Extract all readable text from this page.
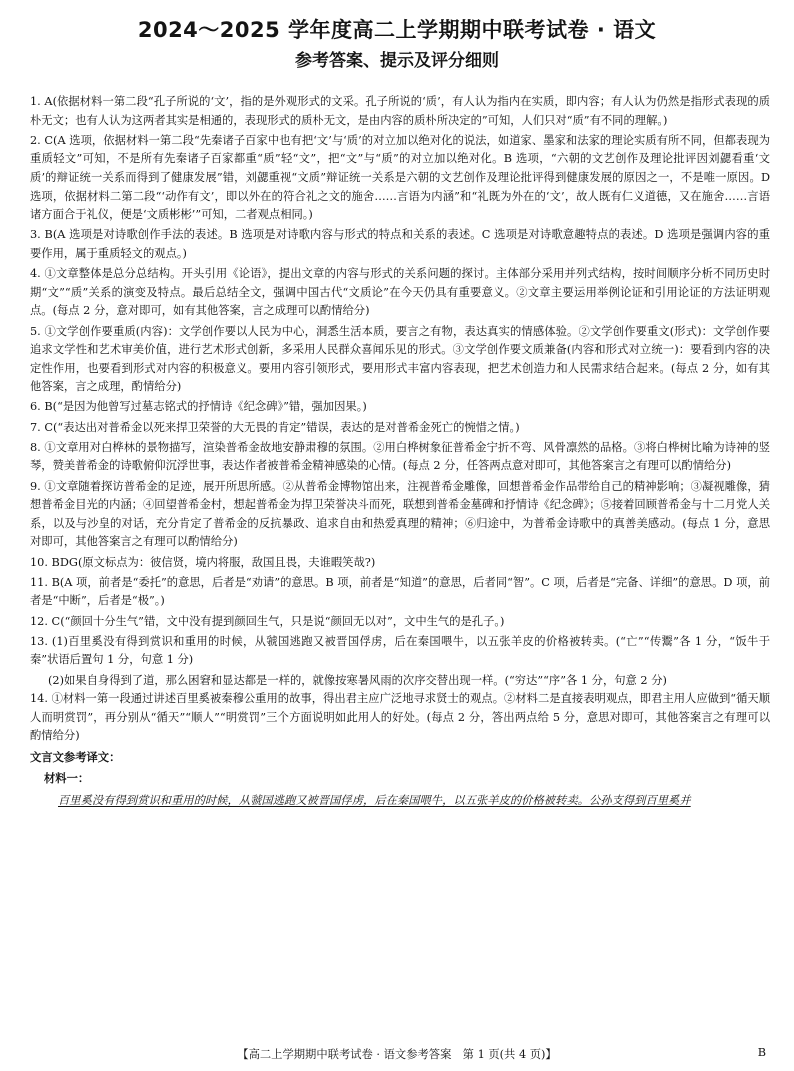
2024～2025 学年度高二上学期期中联考试卷 · 语文
参考答案、提示及评分细则
1. A(依据材料一第二段“孔子所说的‘文’，指的是外观形式的文采。孔子所说的‘质’，有人认为指内在实质，即内容；有人认为仍然是指形式表现的质朴无文；也有人认为这两者其实是相通的，表现形式的质朴无文，是由内容的质朴所决定的”可知，人们只对“质”有不同的理解。)
2. C(A 选项，依据材料一第二段“先秦诸子百家中也有把‘文’与‘质’的对立加以绝对化的说法，如道家、墨家和法家的理论实质有所不同，但都表现为重质轻文”可知，不是所有先秦诸子百家都重“质”轻“文”，把“文”与“质”的对立加以绝对化。B 选项，“六朝的文艺创作及理论批评因刘勰看重‘文质’的辩证统一关系而得到了健康发展”错，刘勰重视“文质”辩证统一关系是六朝的文艺创作及理论批评得到健康发展的原因之一，不是唯一原因。D 选项，依据材料二第二段“‘动作有文’，即以外在的符合礼之文的施舍……言语为内涵”和“礼既为外在的‘文’，故人既有仁义道德，又在施舍……言语诸方面合于礼仪，便是‘文质彬彬’”可知，二者观点相同。)
3. B(A 选项是对诗歌创作手法的表述。B 选项是对诗歌内容与形式的特点和关系的表述。C 选项是对诗歌意趣特点的表述。D 选项是强调内容的重要作用，属于重质轻文的观点。)
4. ①文章整体是总分总结构。开头引用《论语》，提出文章的内容与形式的关系问题的探讨。主体部分采用并列式结构，按时间顺序分析不同历史时期“文”“质”关系的演变及特点。最后总结全文，强调中国古代“文质论”在今天仍具有重要意义。②文章主要运用举例论证和引用论证的方法证明观点。(每点 2 分，意对即可，如有其他答案，言之成理可以酌情给分)
5. ①文学创作要重质(内容)：文学创作要以人民为中心，洞悉生活本质，要言之有物，表达真实的情感体验。②文学创作要重文(形式)：文学创作要追求文学性和艺术审美价值，进行艺术形式创新，多采用人民群众喜闻乐见的形式。③文学创作要文质兼备(内容和形式对立统一)：要看到内容的决定性作用，也要看到形式对内容的积极意义。要用内容引领形式，要用形式丰富内容表现，把艺术创造力和人民需求结合起来。(每点 2 分，如有其他答案，言之成理，酌情给分)
6. B(“是因为他曾写过墓志铭式的抒情诗《纪念碑》”错，强加因果。)
7. C(“表达出对普希金以死来捍卫荣誉的大无畏的肯定”错误，表达的是对普希金死亡的惋惜之情。)
8. ①文章用对白桦林的景物描写，渲染普希金故地安静肃穆的氛围。②用白桦树象征普希金宁折不弯、风骨凛然的品格。③将白桦树比喻为诗神的竖琴，赞美普希金的诗歌俯仰沉浮世事，表达作者被普希金精神感染的心情。(每点 2 分，任答两点意对即可，其他答案言之有理可以酌情给分)
9. ①文章随着探访普希金的足迹，展开所思所感。②从普希金博物馆出来，注视普希金雕像，回想普希金作品带给自己的精神影响；③凝视雕像，猜想普希金目光的内涵；④回望普希金村，想起普希金为捍卫荣誉决斗而死，联想到普希金墓碑和抒情诗《纪念碑》；⑤接着回顾普希金与十二月党人关系，以及与沙皇的对话，充分肯定了普希金的反抗暴政、追求自由和热爱真理的精神；⑥归途中，为普希金诗歌中的真善美感动。(每点 1 分，意思对即可，其他答案言之有理可以酌情给分)
10. BDG(原文标点为：彼信贤，境内将服，敌国且畏，夫谁暇笑哉?)
11. B(A 项，前者是“委托”的意思，后者是“劝请”的意思。B 项，前者是“知道”的意思，后者同“智”。C 项，后者是“完备、详细”的意思。D 项，前者是“中断”，后者是“极”。)
12. C(“颜回十分生气”错，文中没有提到颜回生气，只是说“颜回无以对”，文中生气的是孔子。)
13. (1)百里奚没有得到赏识和重用的时候，从虢国逃跑又被晋国俘虏，后在秦国喂牛，以五张羊皮的价格被转卖。(“亡”“传鬻”各 1 分，“饭牛于秦”状语后置句 1 分，句意 1 分)
(2)如果自身得到了道，那么困窘和显达都是一样的，就像按寒暑风雨的次序交替出现一样。(“穷达”“序”各 1 分，句意 2 分)
14. ①材料一第一段通过讲述百里奚被秦穆公重用的故事，得出君主应广泛地寻求贤士的观点。②材料二是直接表明观点，即君主用人应做到“循天顺人而明赏罚”，再分别从“循天”“顺人”“明赏罚”三个方面说明如此用人的好处。(每点 2 分，答出两点给 5 分，意思对即可，其他答案言之有理可以酌情给分)
文言文参考译文：
材料一：
百里奚没有得到赏识和重用的时候，从虢国逃跑又被晋国俘虏，后在秦国喂牛，以五张羊皮的价格被转卖。公孙支得到百里奚并
【高二上学期期中联考试卷 · 语文参考答案　第 1 页(共 4 页)】	B
